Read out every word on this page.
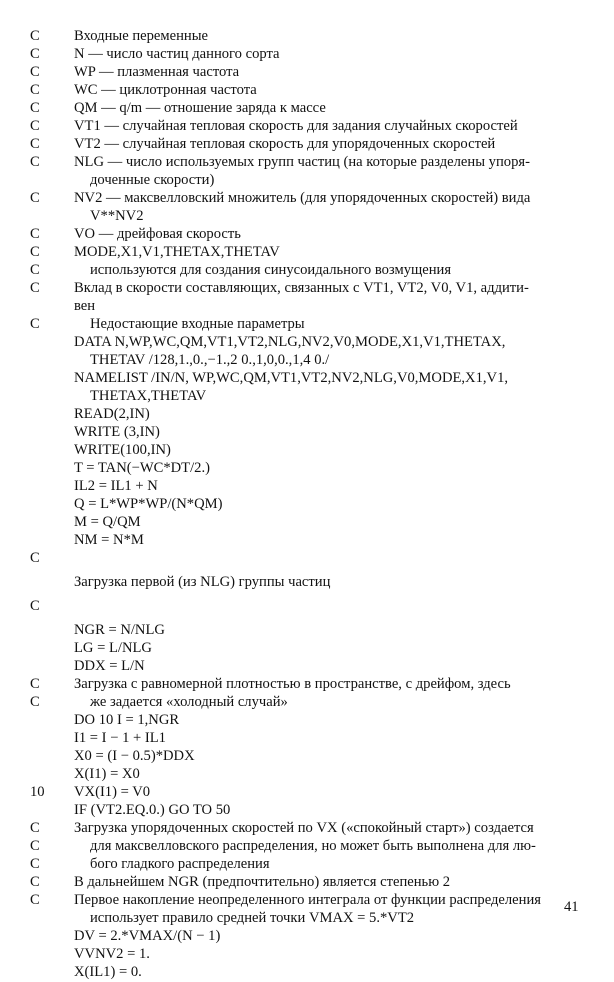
C	Входные переменные
C	N — число частиц данного сорта
C	WP — плазменная частота
C	WC — циклотронная частота
C	QM — q/m — отношение заряда к массе
C	VT1 — случайная тепловая скорость для задания случайных скоростей
C	VT2 — случайная тепловая скорость для упорядоченных скоростей
C	NLG — число используемых групп частиц (на которые разделены упоря-
доченные скорости)
C	NV2 — максвелловский множитель (для упорядоченных скоростей) вида
V**NV2
C	VO — дрейфовая скорость
C	MODE,X1,V1,THETAX,THETAV
C	используются для создания синусоидального возмущения
C	Вклад в скорости составляющих, связанных с VT1, VT2, V0, V1, аддити-
вен
C	Недостающие входные параметры
DATA N,WP,WC,QM,VT1,VT2,NLG,NV2,V0,MODE,X1,V1,THETAX,
THETAV /128,1.,0.,−1.,2 0.,1,0,0.,1,4 0./
NAMELIST /IN/N, WP,WC,QM,VT1,VT2,NV2,NLG,V0,MODE,X1,V1,
THETAX,THETAV
READ(2,IN)
WRITE (3,IN)
WRITE(100,IN)
T = TAN(−WC*DT/2.)
IL2 = IL1 + N
Q = L*WP*WP/(N*QM)
M = Q/QM
NM = N*M
C
Загрузка первой (из NLG) группы частиц
C
NGR = N/NLG
LG = L/NLG
DDX = L/N
C	Загрузка с равномерной плотностью в пространстве, с дрейфом, здесь
C	же задается «холодный случай»
DO 10 I = 1,NGR
I1 = I − 1 + IL1
X0 = (I − 0.5)*DDX
X(I1) = X0
10	VX(I1) = V0
IF (VT2.EQ.0.) GO TO 50
C	Загрузка упорядоченных скоростей по VX («спокойный старт») создается
C	для максвелловского распределения, но может быть выполнена для лю-
C	бого гладкого распределения
C	В дальнейшем NGR (предпочтительно) является степенью 2
C	Первое накопление неопределенного интеграла от функции распределения
использует правило средней точки VMAX = 5.*VT2
DV = 2.*VMAX/(N − 1)
VVNV2 = 1.
X(IL1) = 0.
41
